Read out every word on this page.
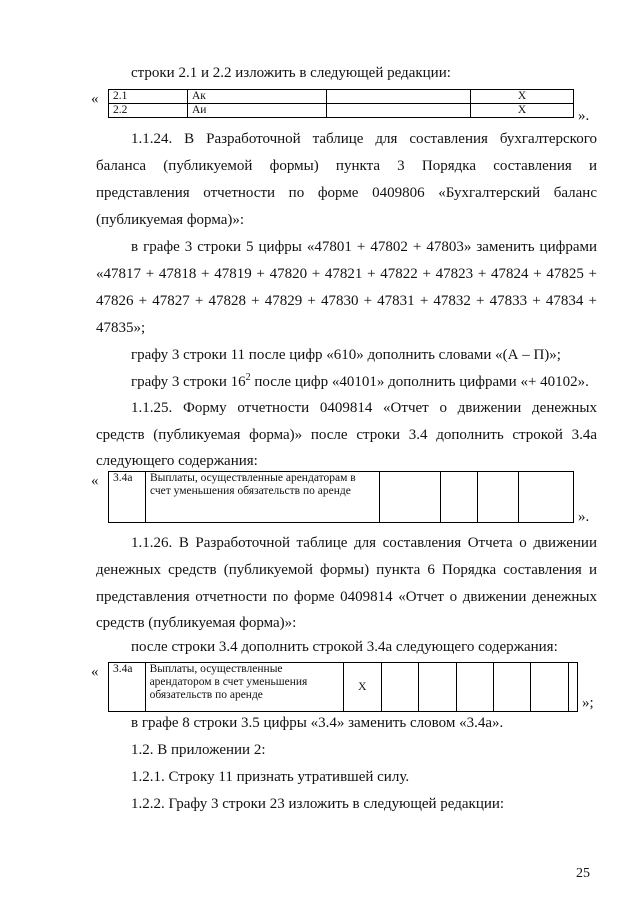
строки 2.1 и 2.2 изложить в следующей редакции:

« 2.1	Aк		X
2.2	Aи		X	».

1.1.24. В Разработочной таблице для составления бухгалтерского

баланса (публикуемой формы) пункта 3 Порядка составления и

представления отчетности по форме 0409806 «Бухгалтерский баланс

(публикуемая форма)»:

в графе 3 строки 5 цифры «47801 + 47802 + 47803» заменить цифрами

«47817 + 47818 + 47819 + 47820 + 47821 + 47822 + 47823 + 47824 + 47825 +

47826 + 47827 + 47828 + 47829 + 47830 + 47831 + 47832 + 47833 + 47834 +

47835»;

графу 3 строки 11 после цифр «610» дополнить словами «(А – П)»;

графу 3 строки $16^2$ после цифр «40101» дополнить цифрами «+ 40102».

1.1.25. Форму отчетности 0409814 «Отчет о движении денежных

средств (публикуемая форма)» после строки 3.4 дополнить строкой 3.4а

следующего содержания:

« 3.4а	Выплаты, осуществленные арендаторам в счет уменьшения обязательств по аренде				
».

1.1.26. В Разработочной таблице для составления Отчета о движении

денежных средств (публикуемой формы) пункта 6 Порядка составления и

представления отчетности по форме 0409814 «Отчет о движении денежных

средств (публикуемая форма)»:

после строки 3.4 дополнить строкой 3.4а следующего содержания:

« 3.4а	Выплаты, осуществленные арендатором в счет уменьшения обязательств по аренде	X						
»;

в графе 8 строки 3.5 цифры «3.4» заменить словом «3.4а».

1.2. В приложении 2:

1.2.1. Строку 11 признать утратившей силу.

1.2.2. Графу 3 строки 23 изложить в следующей редакции:

25
